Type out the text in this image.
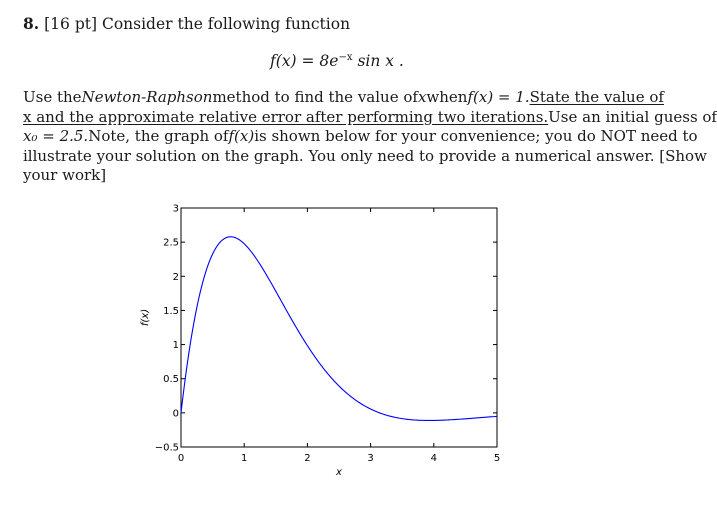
8. [16 pt] Consider the following function
$f(x) = 8e^{-x}$ sin x .
Use the Newton-Raphson method to find the value of x when f(x) = 1. State the value of
x and the approximate relative error after performing two iterations. Use an initial guess of
x₀ = 2.5. Note, the graph of f(x) is shown below for your convenience; you do NOT need to
illustrate your solution on the graph. You only need to provide a numerical answer. [Show
your work]
−0.5
0
0.5
1
1.5
2
2.5
3
0	1	2	3	4	5
x
f(x)
